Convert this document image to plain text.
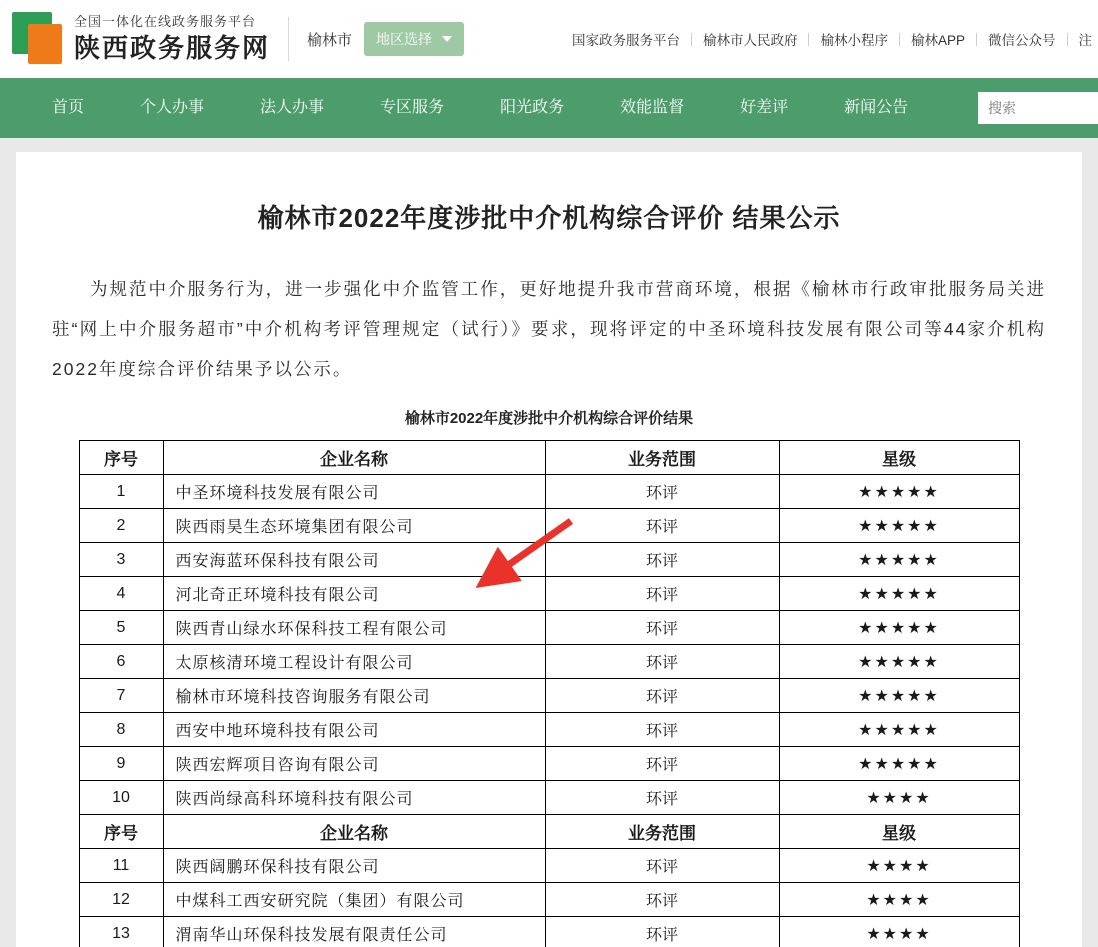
全国一体化在线政务服务平台
陕西政务服务网 榆林市 地区选择	国家政务服务平台	榆林市人民政府	榆林小程序	榆林APP	微信公众号	注
首页	个人办事	法人办事	专区服务	阳光政务	效能监督	好差评	新闻公告
搜索
榆林市2022年度涉批中介机构综合评价 结果公示

为规范中介服务行为，进一步强化中介监管工作，更好地提升我市营商环境，根据《榆林市行政审批服务局关进驻“网上中介服务超市”中介机构考评管理规定（试行）》要求，现将评定的中圣环境科技发展有限公司等44家介机构2022年度综合评价结果予以公示。

榆林市2022年度涉批中介机构综合评价结果
序号	企业名称	业务范围	星级
1	中圣环境科技发展有限公司	环评	★★★★★
2	陕西雨昊生态环境集团有限公司	环评	★★★★★
3	西安海蓝环保科技有限公司	环评	★★★★★
4	河北奇正环境科技有限公司	环评	★★★★★
5	陕西青山绿水环保科技工程有限公司	环评	★★★★★
6	太原核清环境工程设计有限公司	环评	★★★★★
7	榆林市环境科技咨询服务有限公司	环评	★★★★★
8	西安中地环境科技有限公司	环评	★★★★★
9	陕西宏辉项目咨询有限公司	环评	★★★★★
10	陕西尚绿高科环境科技有限公司	环评	★★★★
序号	企业名称	业务范围	星级
11	陕西阔鹏环保科技有限公司	环评	★★★★
12	中煤科工西安研究院（集团）有限公司	环评	★★★★
13	渭南华山环保科技发展有限责任公司	环评	★★★★
